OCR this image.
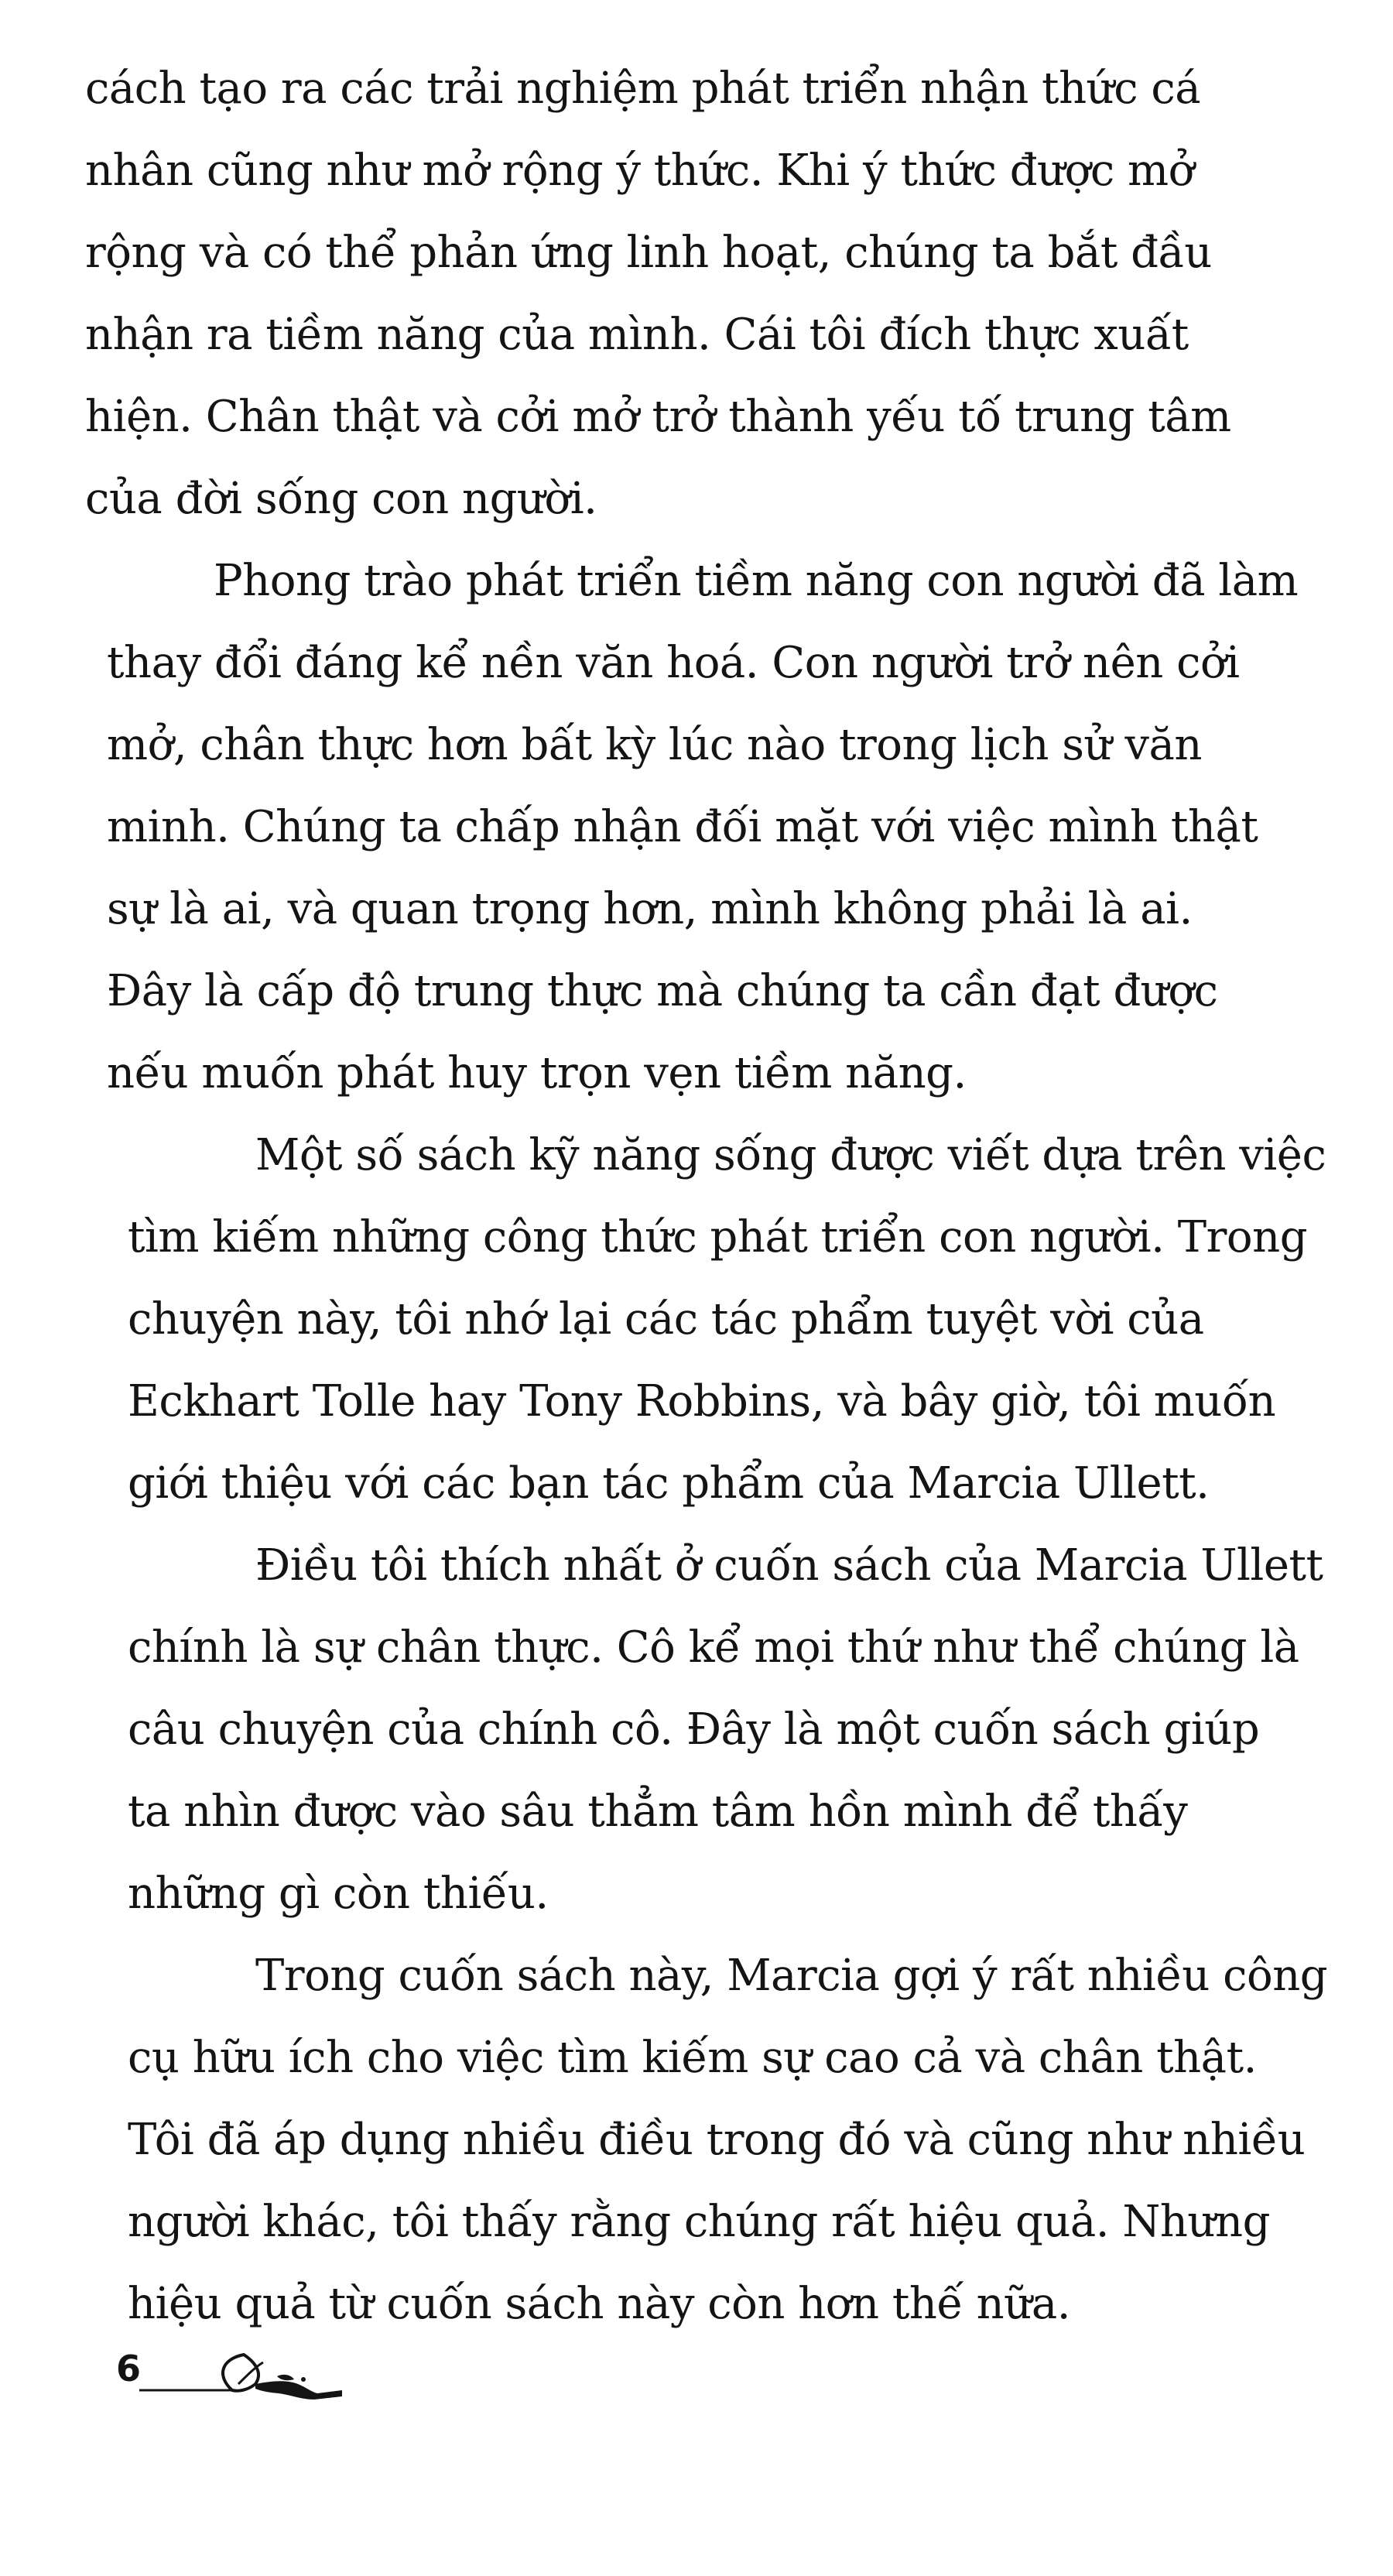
cách tạo ra các trải nghiệm phát triển nhận thức cá
nhân cũng như mở rộng ý thức. Khi ý thức được mở
rộng và có thể phản ứng linh hoạt, chúng ta bắt đầu
nhận ra tiềm năng của mình. Cái tôi đích thực xuất
hiện. Chân thật và cởi mở trở thành yếu tố trung tâm
của đời sống con người.
Phong trào phát triển tiềm năng con người đã làm
thay đổi đáng kể nền văn hoá. Con người trở nên cởi
mở, chân thực hơn bất kỳ lúc nào trong lịch sử văn
minh. Chúng ta chấp nhận đối mặt với việc mình thật
sự là ai, và quan trọng hơn, mình không phải là ai.
Đây là cấp độ trung thực mà chúng ta cần đạt được
nếu muốn phát huy trọn vẹn tiềm năng.
Một số sách kỹ năng sống được viết dựa trên việc
tìm kiếm những công thức phát triển con người. Trong
chuyện này, tôi nhớ lại các tác phẩm tuyệt vời của
Eckhart Tolle hay Tony Robbins, và bây giờ, tôi muốn
giới thiệu với các bạn tác phẩm của Marcia Ullett.
Điều tôi thích nhất ở cuốn sách của Marcia Ullett
chính là sự chân thực. Cô kể mọi thứ như thể chúng là
câu chuyện của chính cô. Đây là một cuốn sách giúp
ta nhìn được vào sâu thẳm tâm hồn mình để thấy
những gì còn thiếu.
Trong cuốn sách này, Marcia gợi ý rất nhiều công
cụ hữu ích cho việc tìm kiếm sự cao cả và chân thật.
Tôi đã áp dụng nhiều điều trong đó và cũng như nhiều
người khác, tôi thấy rằng chúng rất hiệu quả. Nhưng
hiệu quả từ cuốn sách này còn hơn thế nữa.
6
